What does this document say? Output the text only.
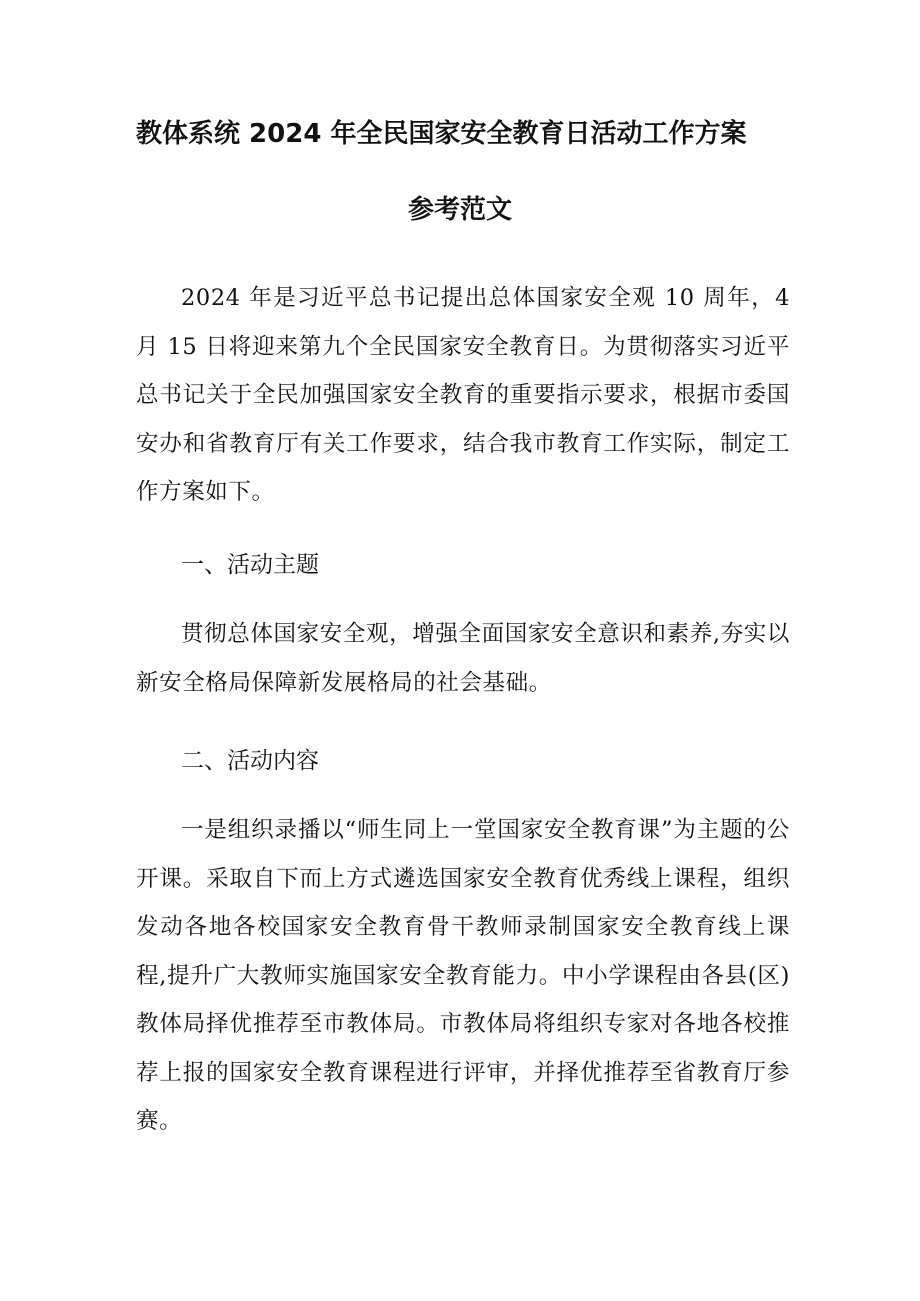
教体系统 2024 年全民国家安全教育日活动工作方案
参考范文
2024 年是习近平总书记提出总体国家安全观 10 周年，4 月 15 日将迎来第九个全民国家安全教育日。为贯彻落实习近平总书记关于全民加强国家安全教育的重要指示要求，根据市委国安办和省教育厅有关工作要求，结合我市教育工作实际，制定工作方案如下。
一、活动主题
贯彻总体国家安全观，增强全面国家安全意识和素养,夯实以新安全格局保障新发展格局的社会基础。
二、活动内容
一是组织录播以“师生同上一堂国家安全教育课”为主题的公开课。采取自下而上方式遴选国家安全教育优秀线上课程，组织发动各地各校国家安全教育骨干教师录制国家安全教育线上课程,提升广大教师实施国家安全教育能力。中小学课程由各县(区)教体局择优推荐至市教体局。市教体局将组织专家对各地各校推荐上报的国家安全教育课程进行评审，并择优推荐至省教育厅参赛。
